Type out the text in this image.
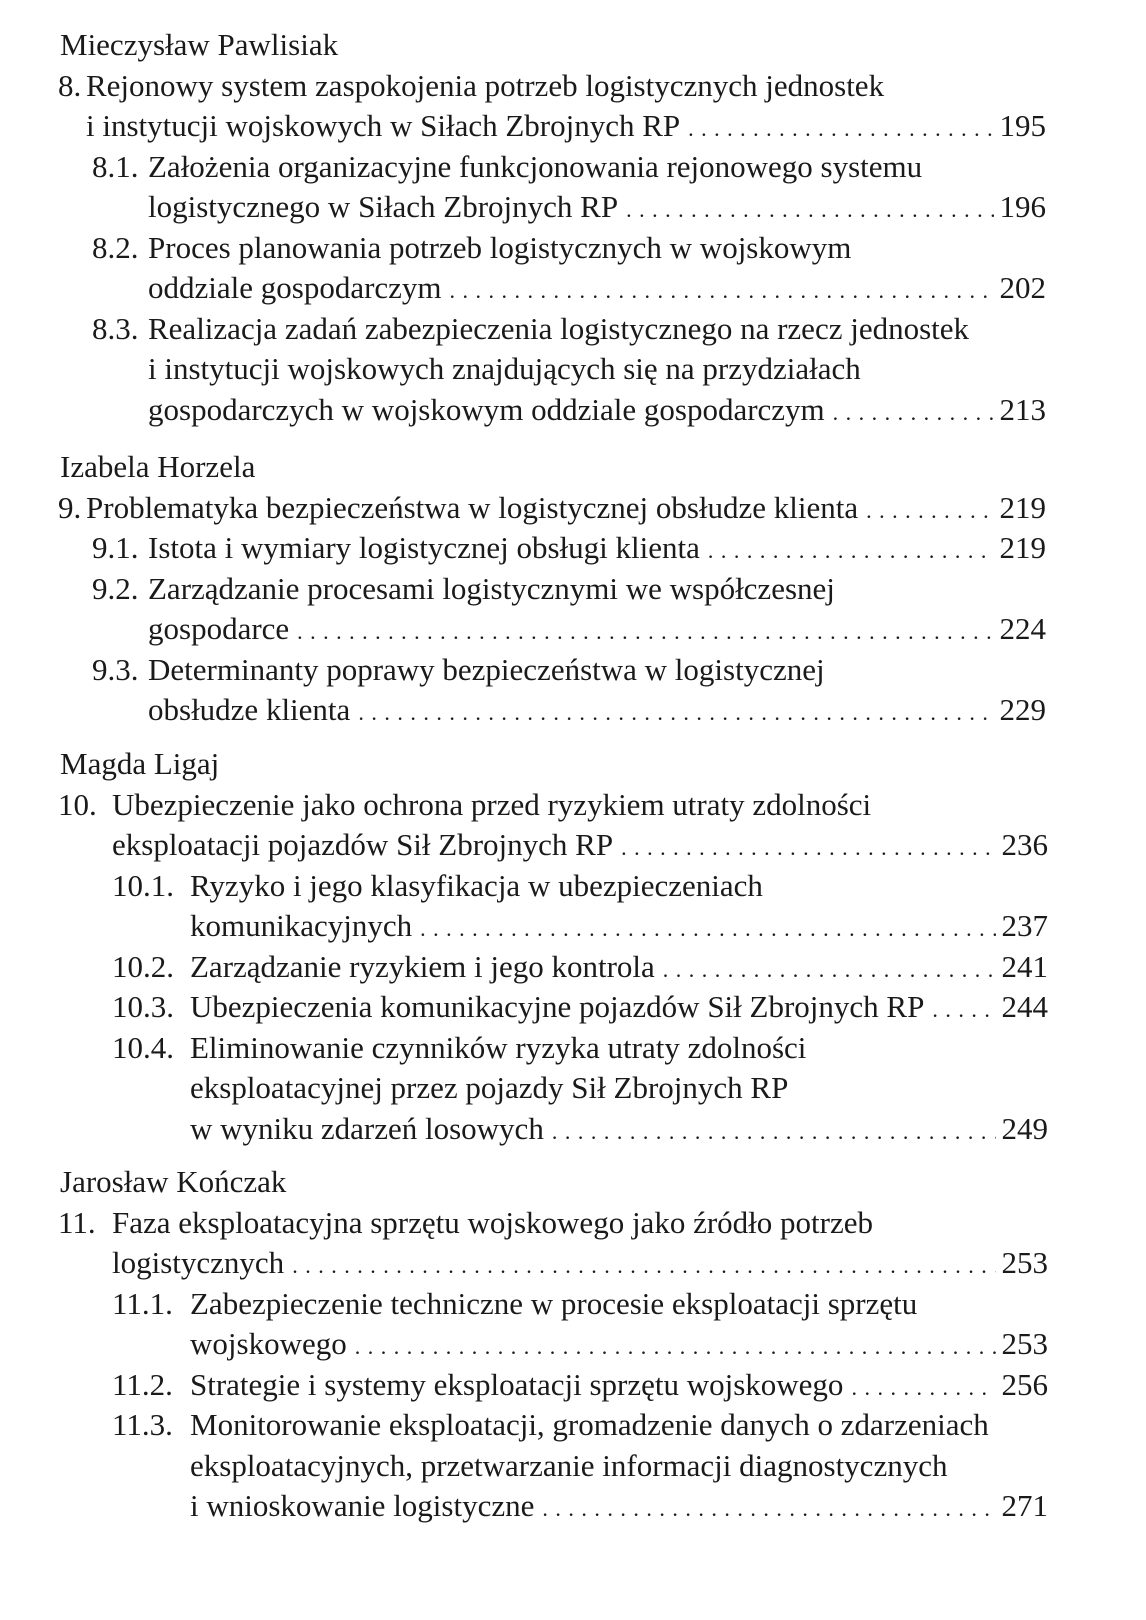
Mieczysław Pawlisiak
8. Rejonowy system zaspokojenia potrzeb logistycznych jednostek
i instytucji wojskowych w Siłach Zbrojnych RP . . .	195
8.1. Założenia organizacyjne funkcjonowania rejonowego systemu
logistycznego w Siłach Zbrojnych RP . . .	196
8.2. Proces planowania potrzeb logistycznych w wojskowym
oddziale gospodarczym . . .	202
8.3. Realizacja zadań zabezpieczenia logistycznego na rzecz jednostek
i instytucji wojskowych znajdujących się na przydziałach
gospodarczych w wojskowym oddziale gospodarczym . . .	213
Izabela Horzela
9. Problematyka bezpieczeństwa w logistycznej obsłudze klienta . . .	219
9.1. Istota i wymiary logistycznej obsługi klienta . . .	219
9.2. Zarządzanie procesami logistycznymi we współczesnej
gospodarce . . .	224
9.3. Determinanty poprawy bezpieczeństwa w logistycznej
obsłudze klienta . . .	229
Magda Ligaj
10. Ubezpieczenie jako ochrona przed ryzykiem utraty zdolności
eksploatacji pojazdów Sił Zbrojnych RP . . .	236
10.1. Ryzyko i jego klasyfikacja w ubezpieczeniach
komunikacyjnych . . .	237
10.2. Zarządzanie ryzykiem i jego kontrola . . .	241
10.3. Ubezpieczenia komunikacyjne pojazdów Sił Zbrojnych RP . . . 244
10.4. Eliminowanie czynników ryzyka utraty zdolności
eksploatacyjnej przez pojazdy Sił Zbrojnych RP
w wyniku zdarzeń losowych . . .	249
Jarosław Kończak
11. Faza eksploatacyjna sprzętu wojskowego jako źródło potrzeb
logistycznych . . .	253
11.1. Zabezpieczenie techniczne w procesie eksploatacji sprzętu
wojskowego . . .	253
11.2. Strategie i systemy eksploatacji sprzętu wojskowego . . .	256
11.3. Monitorowanie eksploatacji, gromadzenie danych o zdarzeniach
eksploatacyjnych, przetwarzanie informacji diagnostycznych
i wnioskowanie logistyczne . . .	271
